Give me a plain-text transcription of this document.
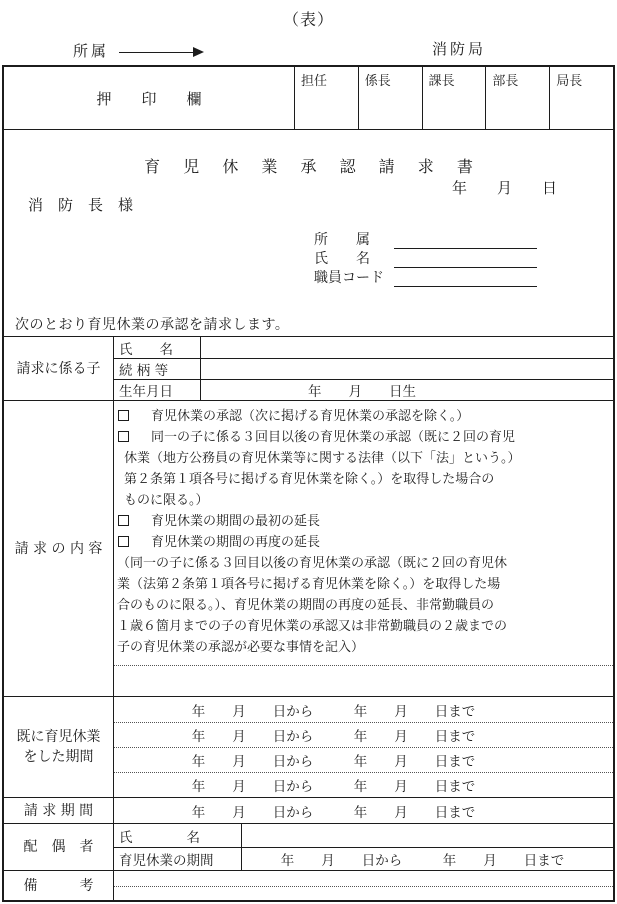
（表）
所属	消防局
押　　印　　欄
担任	係長	課長	部長	局長
育 児 休 業 承 認 請 求 書
年　　月　　日
消　防　長　様
所　　属
氏　　名
職員コード
次のとおり育児休業の承認を請求します。
請求に係る子
氏　　名
続 柄 等
生年月日	年　　月　　日生
請 求 の 内 容
育児休業の承認（次に掲げる育児休業の承認を除く。）
同一の子に係る３回目以後の育児休業の承認（既に２回の育児
休業（地方公務員の育児休業等に関する法律（以下「法」という。）
第２条第１項各号に掲げる育児休業を除く。）を取得した場合の
ものに限る。）
育児休業の期間の最初の延長
育児休業の期間の再度の延長
（同一の子に係る３回目以後の育児休業の承認（既に２回の育児休
業（法第２条第１項各号に掲げる育児休業を除く。）を取得した場
合のものに限る。）、育児休業の期間の再度の延長、非常勤職員の
１歳６箇月までの子の育児休業の承認又は非常勤職員の２歳までの
子の育児休業の承認が必要な事情を記入）
既に育児休業
をした期間
年　　月　　日から　　　年　　月　　日まで
年　　月　　日から　　　年　　月　　日まで
年　　月　　日から　　　年　　月　　日まで
年　　月　　日から　　　年　　月　　日まで
請 求 期 間	年　　月　　日から　　　年　　月　　日まで
配　偶　者
氏　　　　名
育児休業の期間	年　　月　　日から　　　年　　月　　日まで
備　　　考
